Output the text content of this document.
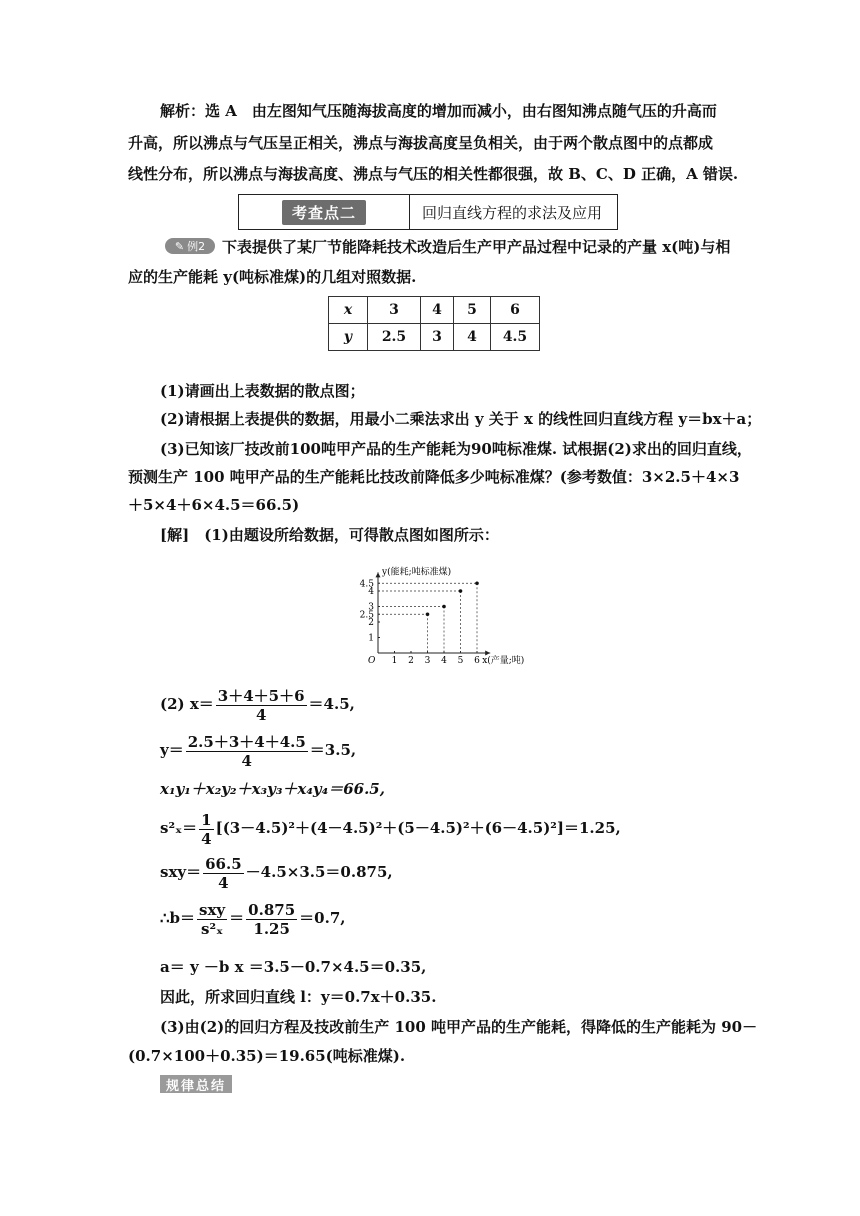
解析：选 A　由左图知气压随海拔高度的增加而减小，由右图知沸点随气压的升高而
升高，所以沸点与气压呈正相关，沸点与海拔高度呈负相关，由于两个散点图中的点都成
线性分布，所以沸点与海拔高度、沸点与气压的相关性都很强，故 B、C、D 正确，A 错误.
考查点二	回归直线方程的求法及应用
✎ 例2 下表提供了某厂节能降耗技术改造后生产甲产品过程中记录的产量 x(吨)与相
应的生产能耗 y(吨标准煤)的几组对照数据.
x	3	4	5	6
y	2.5	3	4	4.5
(1)请画出上表数据的散点图；
(2)请根据上表提供的数据，用最小二乘法求出 y 关于 x 的线性回归直线方程 y＝bx＋a；
(3)已知该厂技改前100吨甲产品的生产能耗为90吨标准煤. 试根据(2)求出的回归直线，
预测生产 100 吨甲产品的生产能耗比技改前降低多少吨标准煤？(参考数值：3×2.5＋4×3
＋5×4＋6×4.5＝66.5)
[解]　(1)由题设所给数据，可得散点图如图所示：
O 1 2 3 4 5 6
1
2
2.5
3
4
4.5
y(能耗;吨标准煤)
x(产量;吨)
(2) $x= \frac{3+4+5+6}{4} =4.5$,
$y= \frac{2.5+3+4+4.5}{4} =3.5$,
x₁y₁＋x₂y₂＋x₃y₃＋x₄y₄＝66.5,
$s^2_x= \frac{1}{4} [(3-4.5)^2+(4-4.5)^2+(5-4.5)^2+(6-4.5)^2]=1.25$,
$sxy= \frac{66.5}{4} -4.5\times 3.5=0.875$,
∴b＝ $\frac{\text{sxy}}{\text{s²ₓ}} = \frac{0.875}{1.25} =0.7$,
a＝ y －b x ＝3.5－0.7×4.5＝0.35,
因此，所求回归直线 l：y＝0.7x＋0.35.
(3)由(2)的回归方程及技改前生产 100 吨甲产品的生产能耗，得降低的生产能耗为 90－
(0.7×100＋0.35)＝19.65(吨标准煤).
规律总结
